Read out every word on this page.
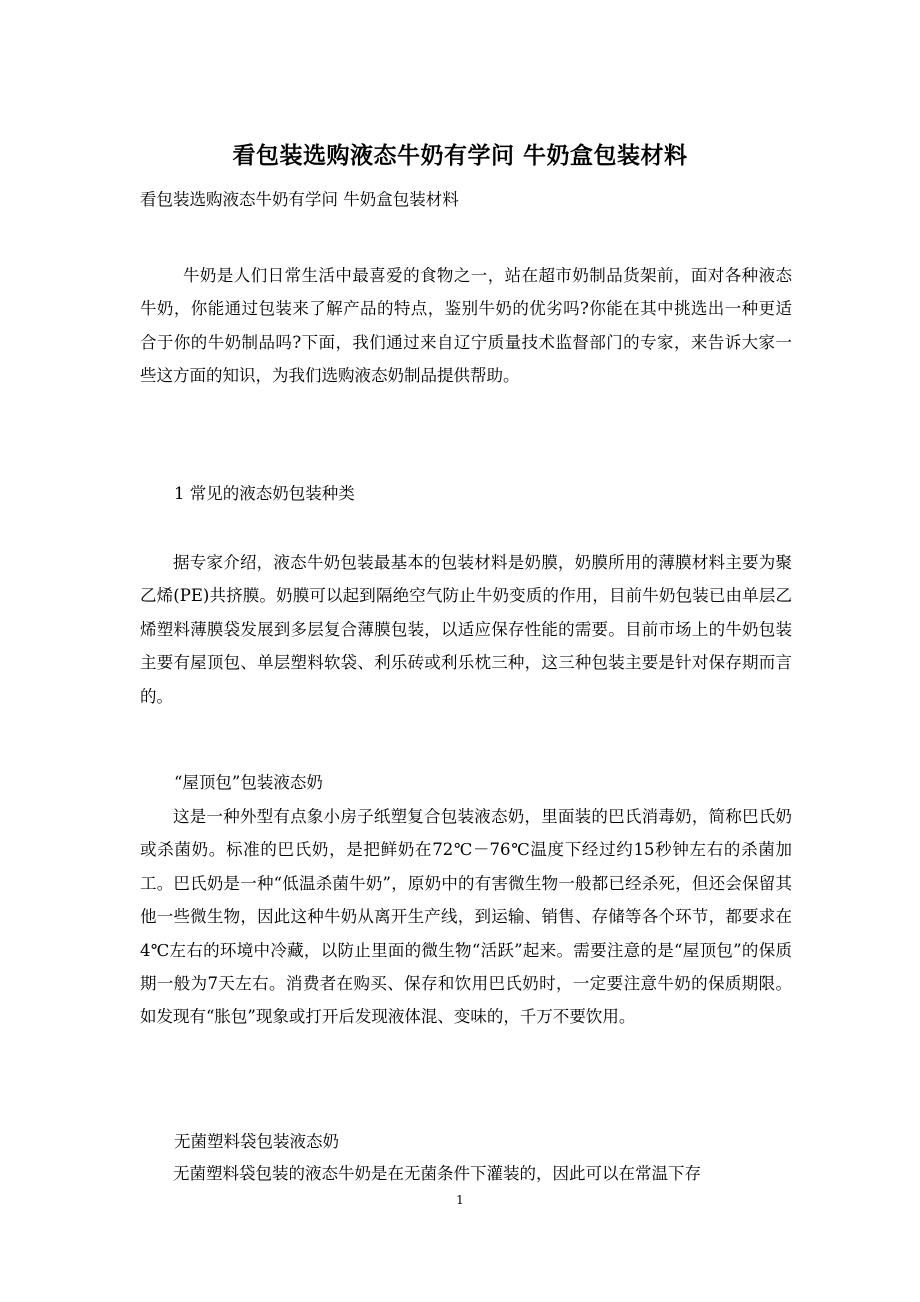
看包装选购液态牛奶有学问 牛奶盒包装材料
看包装选购液态牛奶有学问 牛奶盒包装材料

牛奶是人们日常生活中最喜爱的食物之一，站在超市奶制品货架前，面对各种液态牛奶，你能通过包装来了解产品的特点，鉴别牛奶的优劣吗?你能在其中挑选出一种更适合于你的牛奶制品吗?下面，我们通过来自辽宁质量技术监督部门的专家，来告诉大家一些这方面的知识，为我们选购液态奶制品提供帮助。

1 常见的液态奶包装种类

据专家介绍，液态牛奶包装最基本的包装材料是奶膜，奶膜所用的薄膜材料主要为聚乙烯(PE)共挤膜。奶膜可以起到隔绝空气防止牛奶变质的作用，目前牛奶包装已由单层乙烯塑料薄膜袋发展到多层复合薄膜包装，以适应保存性能的需要。目前市场上的牛奶包装主要有屋顶包、单层塑料软袋、利乐砖或利乐枕三种，这三种包装主要是针对保存期而言的。

“屋顶包”包装液态奶

这是一种外型有点象小房子纸塑复合包装液态奶，里面装的巴氏消毒奶，简称巴氏奶或杀菌奶。标准的巴氏奶，是把鲜奶在72℃－76℃温度下经过约15秒钟左右的杀菌加工。巴氏奶是一种“低温杀菌牛奶”，原奶中的有害微生物一般都已经杀死，但还会保留其他一些微生物，因此这种牛奶从离开生产线，到运输、销售、存储等各个环节，都要求在4℃左右的环境中冷藏，以防止里面的微生物“活跃”起来。需要注意的是“屋顶包”的保质期一般为7天左右。消费者在购买、保存和饮用巴氏奶时，一定要注意牛奶的保质期限。如发现有“胀包”现象或打开后发现液体混、变味的，千万不要饮用。

无菌塑料袋包装液态奶

无菌塑料袋包装的液态牛奶是在无菌条件下灌装的，因此可以在常温下存

1
